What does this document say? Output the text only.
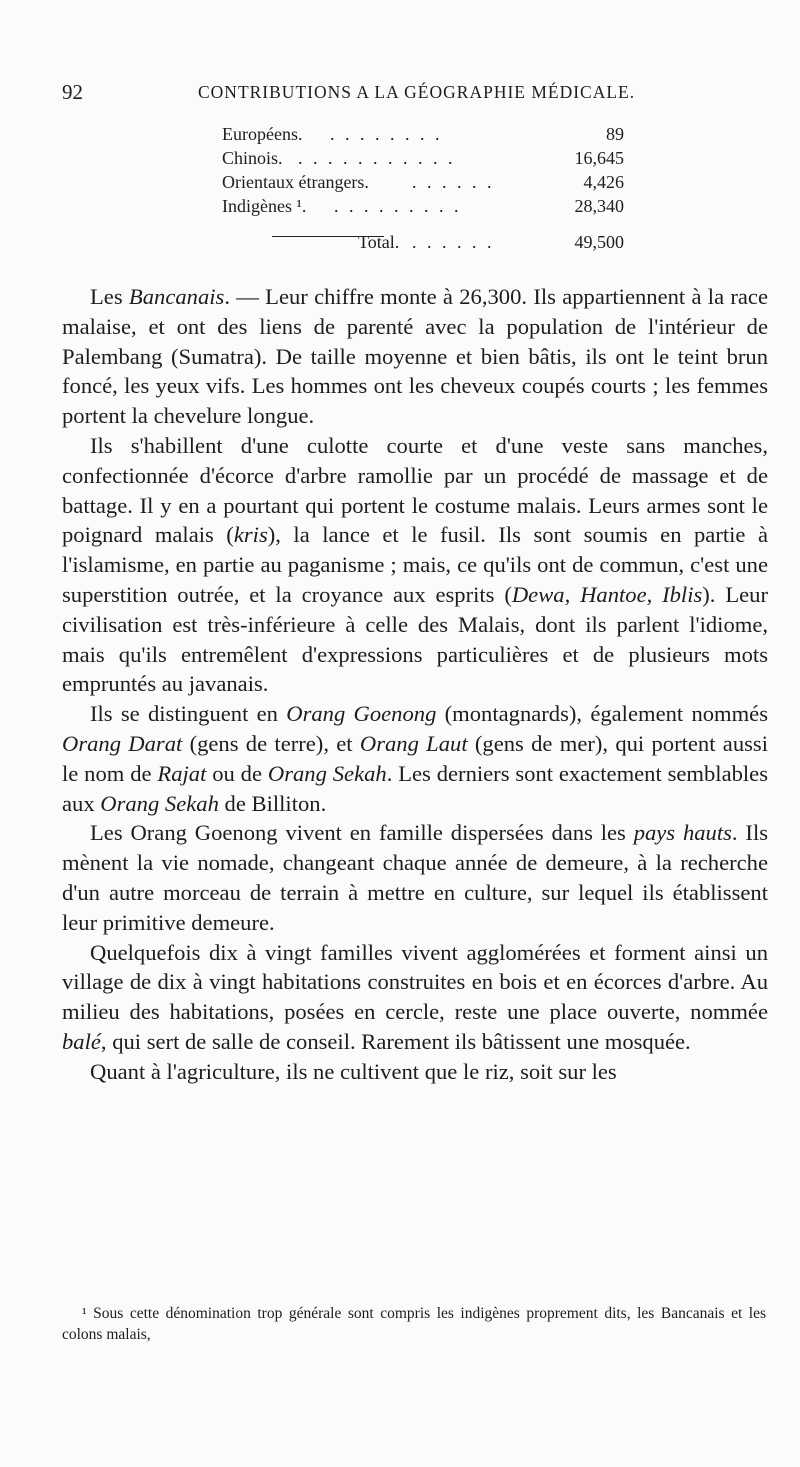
92	CONTRIBUTIONS A LA GÉOGRAPHIE MÉDICALE.
Européens. . . . . . . . .	89
Chinois. . . . . . . . . . . .	16,645
Orientaux étrangers. . . . . . .	4,426
Indigènes ¹. . . . . . . . . .	28,340
Total. . . . . . .	49,500

Les Bancanais. — Leur chiffre monte à 26,300. Ils appartiennent à la race malaise, et ont des liens de parenté avec la population de l'intérieur de Palembang (Sumatra). De taille moyenne et bien bâtis, ils ont le teint brun foncé, les yeux vifs. Les hommes ont les cheveux coupés courts ; les femmes portent la chevelure longue.

Ils s'habillent d'une culotte courte et d'une veste sans manches, confectionnée d'écorce d'arbre ramollie par un procédé de massage et de battage. Il y en a pourtant qui portent le costume malais. Leurs armes sont le poignard malais (kris), la lance et le fusil. Ils sont soumis en partie à l'islamisme, en partie au paganisme ; mais, ce qu'ils ont de commun, c'est une superstition outrée, et la croyance aux esprits (Dewa, Hantoe, Iblis). Leur civilisation est très-inférieure à celle des Malais, dont ils parlent l'idiome, mais qu'ils entremêlent d'expressions particulières et de plusieurs mots empruntés au javanais.

Ils se distinguent en Orang Goenong (montagnards), également nommés Orang Darat (gens de terre), et Orang Laut (gens de mer), qui portent aussi le nom de Rajat ou de Orang Sekah. Les derniers sont exactement semblables aux Orang Sekah de Billiton.

Les Orang Goenong vivent en famille dispersées dans les pays hauts. Ils mènent la vie nomade, changeant chaque année de demeure, à la recherche d'un autre morceau de terrain à mettre en culture, sur lequel ils établissent leur primitive demeure.

Quelquefois dix à vingt familles vivent agglomérées et forment ainsi un village de dix à vingt habitations construites en bois et en écorces d'arbre. Au milieu des habitations, posées en cercle, reste une place ouverte, nommée balé, qui sert de salle de conseil. Rarement ils bâtissent une mosquée.

Quant à l'agriculture, ils ne cultivent que le riz, soit sur les

¹ Sous cette dénomination trop générale sont compris les indigènes proprement dits, les Bancanais et les colons malais,
